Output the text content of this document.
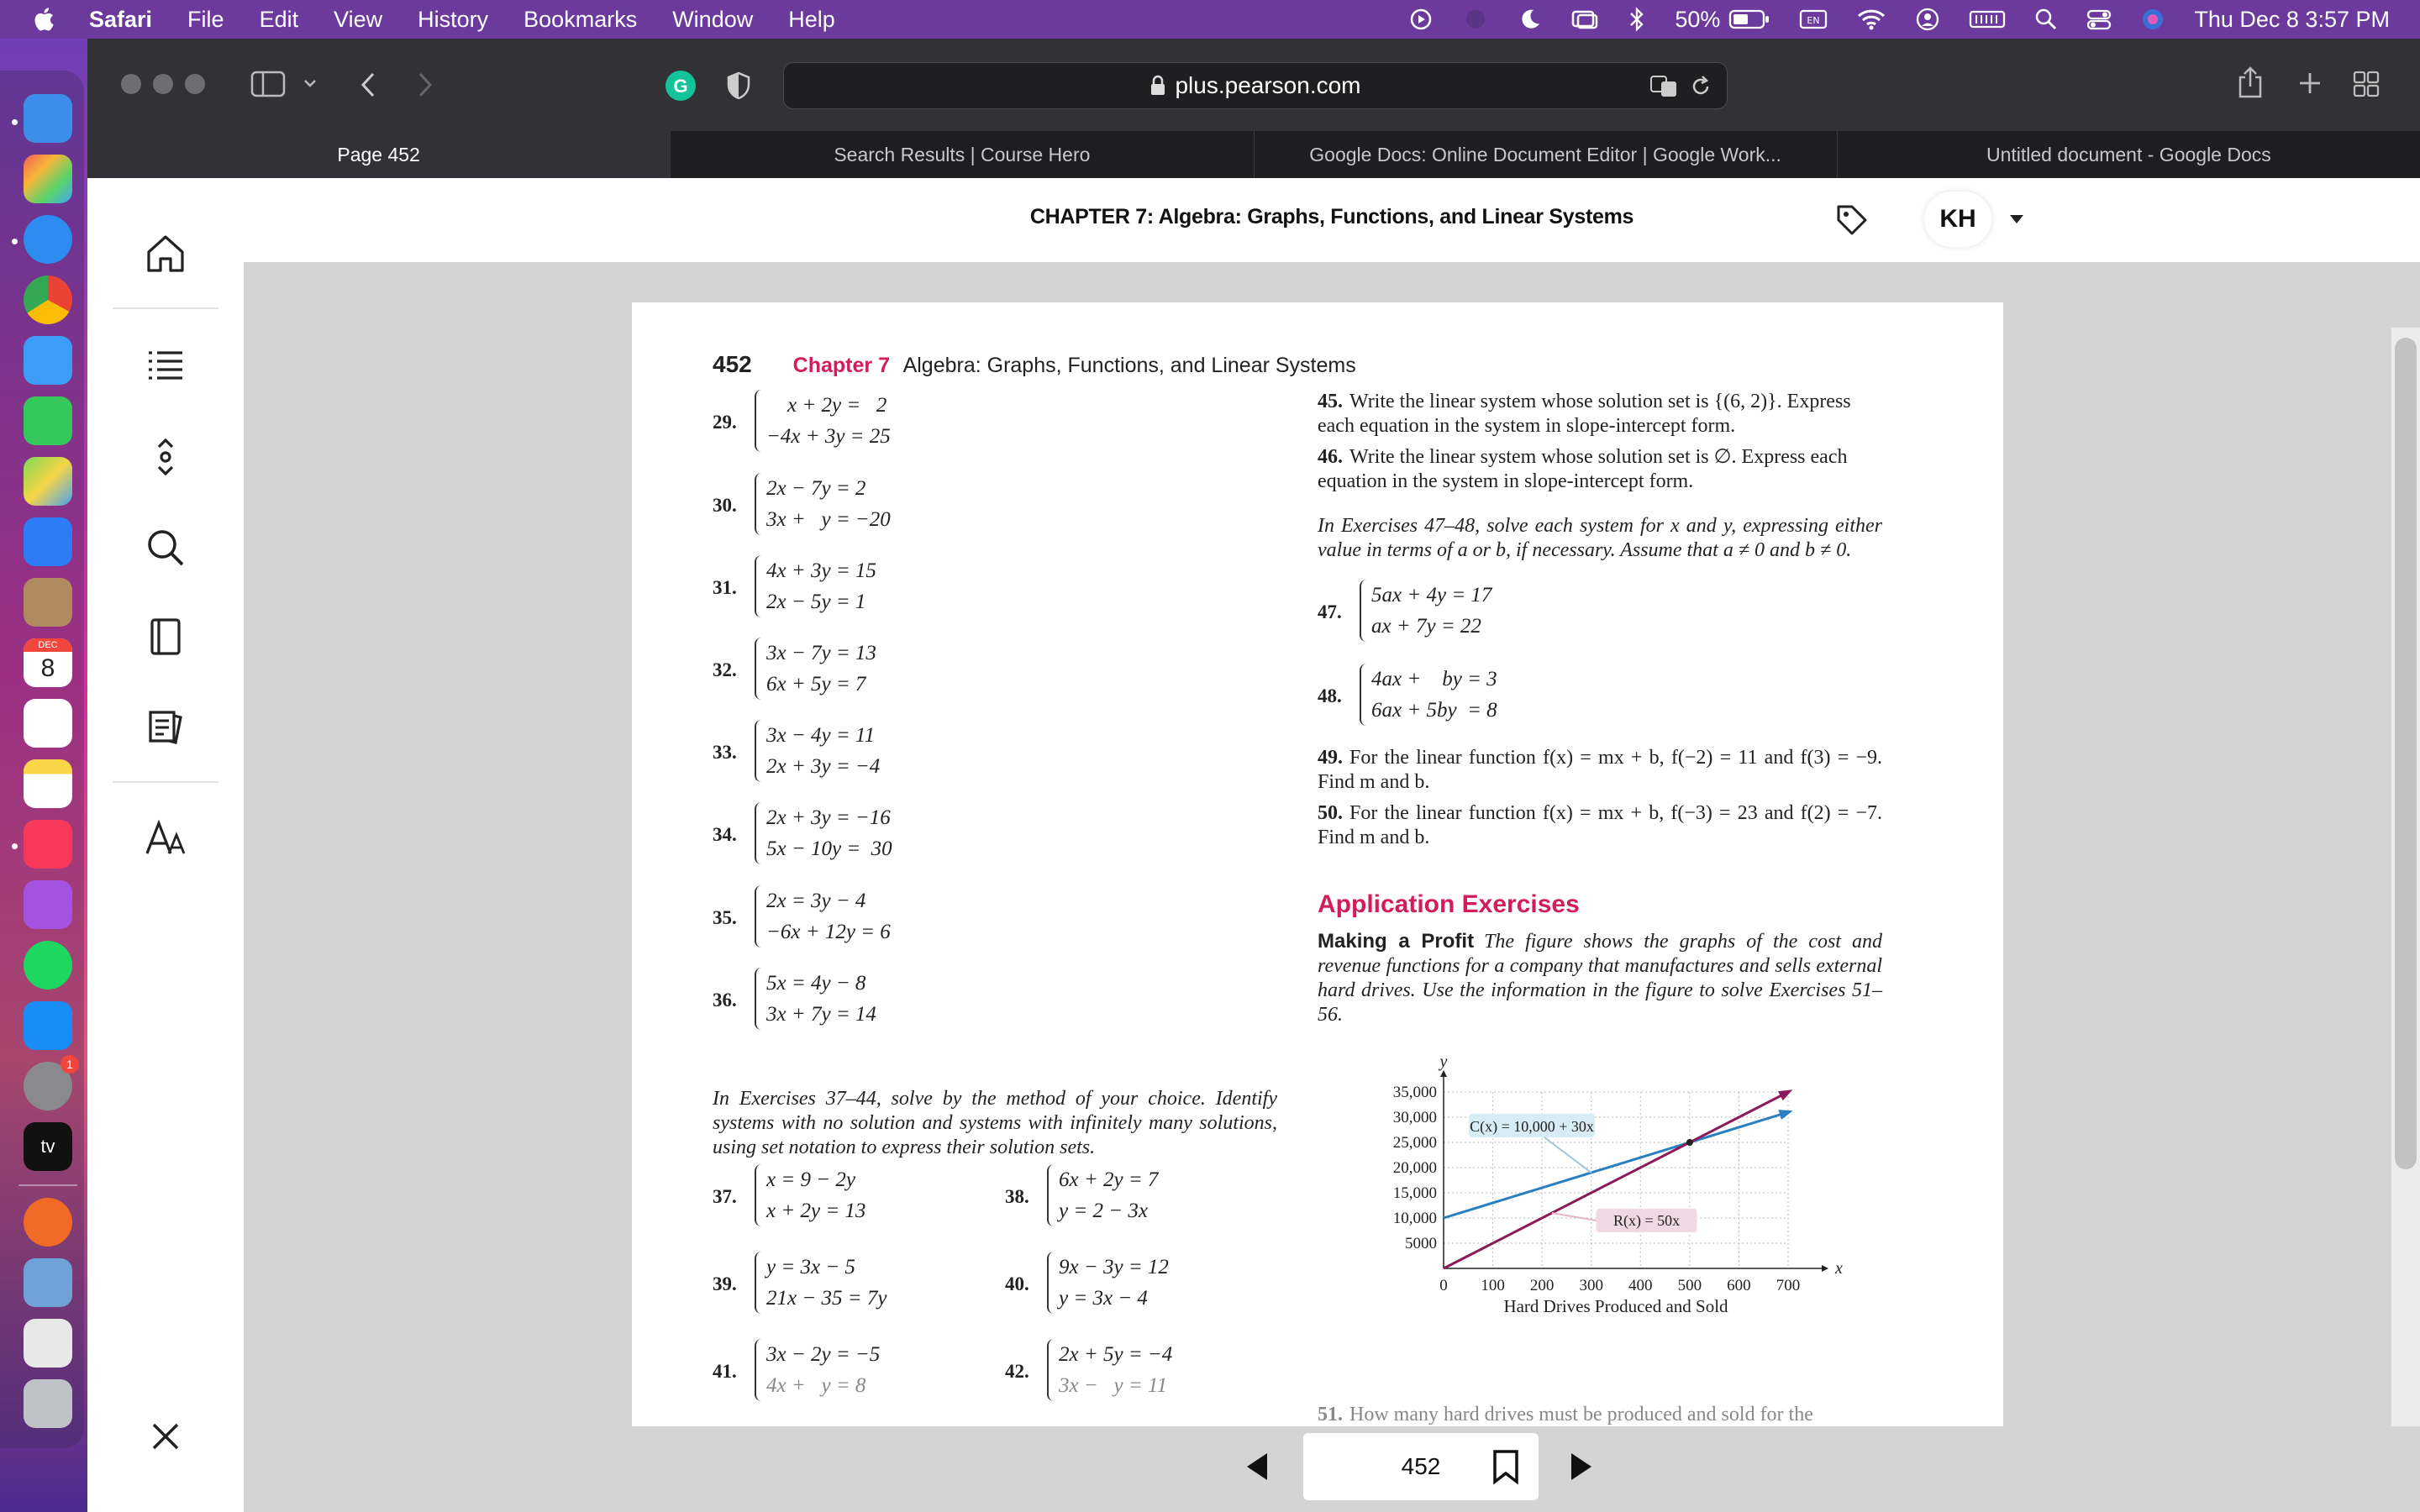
Safari File Edit View History Bookmarks Window Help	50%	EN	Thu Dec 8 3:57 PM
DEC
8
1
tv
G	plus.pearson.com
Page 452	Search Results | Course Hero	Google Docs: Online Document Editor | Google Work...	Untitled document - Google Docs
CHAPTER 7: Algebra: Graphs, Functions, and Linear Systems	KH
452 Chapter 7 Algebra: Graphs, Functions, and Linear Systems
29.
x + 2y =   2
−4x + 3y = 25
30.
2x − 7y = 2
3x +   y = −20
31.
4x + 3y = 15
2x − 5y = 1
32.
3x − 7y = 13
6x + 5y = 7
33.
3x − 4y = 11
2x + 3y = −4
34.
2x + 3y = −16
5x − 10y =  30
35.
2x = 3y − 4
−6x + 12y = 6
36.
5x = 4y − 8
3x + 7y = 14
In Exercises 37–44, solve by the method of your choice. Identify systems with no solution and systems with infinitely many solutions, using set notation to express their solution sets.
37.
x = 9 − 2y
x + 2y = 13
38.
6x + 2y = 7
y = 2 − 3x
39.
y = 3x − 5
21x − 35 = 7y
40.
9x − 3y = 12
y = 3x − 4
41.
3x − 2y = −5
4x +   y = 8
42.
2x + 5y = −4
3x −   y = 11
45. Write the linear system whose solution set is {(6, 2)}. Express each equation in the system in slope-intercept form.
46. Write the linear system whose solution set is ∅. Express each equation in the system in slope-intercept form.
In Exercises 47–48, solve each system for x and y, expressing either value in terms of a or b, if necessary. Assume that a ≠ 0 and b ≠ 0.
47.
5ax + 4y = 17
ax + 7y = 22
48.
4ax +    by = 3
6ax + 5by  = 8
49. For the linear function f(x) = mx + b, f(−2) = 11 and f(3) = −9. Find m and b.
50. For the linear function f(x) = mx + b, f(−3) = 23 and f(2) = −7. Find m and b.
Application Exercises
Making a Profit The figure shows the graphs of the cost and revenue functions for a company that manufactures and sells external hard drives. Use the information in the figure to solve Exercises 51–56.
5000
10,000
15,000
20,000
25,000
30,000
35,000
0 100 200 300 400 500 600 700
Hard Drives Produced and Sold
y
x
C(x) = 10,000 + 30x
R(x) = 50x
51. How many hard drives must be produced and sold for the
452
